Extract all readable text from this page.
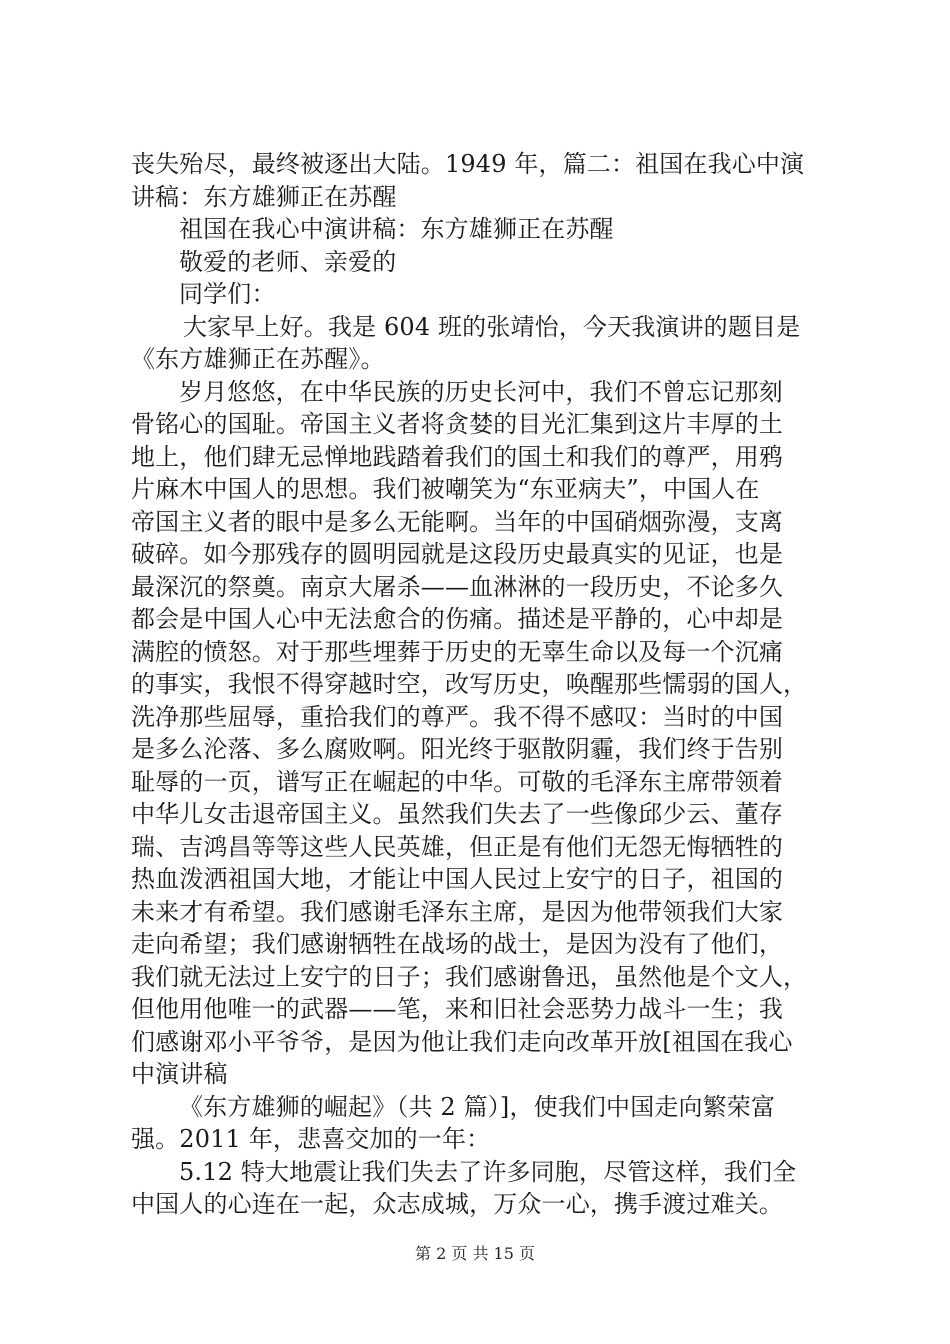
丧失殆尽，最终被逐出大陆。1949 年，篇二：祖国在我心中演
讲稿：东方雄狮正在苏醒
祖国在我心中演讲稿：东方雄狮正在苏醒
敬爱的老师、亲爱的
同学们：
大家早上好。我是 604 班的张靖怡，今天我演讲的题目是
《东方雄狮正在苏醒》。
岁月悠悠，在中华民族的历史长河中，我们不曾忘记那刻
骨铭心的国耻。帝国主义者将贪婪的目光汇集到这片丰厚的土
地上，他们肆无忌惮地践踏着我们的国土和我们的尊严，用鸦
片麻木中国人的思想。我们被嘲笑为“东亚病夫”，中国人在
帝国主义者的眼中是多么无能啊。当年的中国硝烟弥漫，支离
破碎。如今那残存的圆明园就是这段历史最真实的见证，也是
最深沉的祭奠。南京大屠杀——血淋淋的一段历史，不论多久
都会是中国人心中无法愈合的伤痛。描述是平静的，心中却是
满腔的愤怒。对于那些埋葬于历史的无辜生命以及每一个沉痛
的事实，我恨不得穿越时空，改写历史，唤醒那些懦弱的国人，
洗净那些屈辱，重拾我们的尊严。我不得不感叹：当时的中国
是多么沦落、多么腐败啊。阳光终于驱散阴霾，我们终于告别
耻辱的一页，谱写正在崛起的中华。可敬的毛泽东主席带领着
中华儿女击退帝国主义。虽然我们失去了一些像邱少云、董存
瑞、吉鸿昌等等这些人民英雄，但正是有他们无怨无悔牺牲的
热血泼洒祖国大地，才能让中国人民过上安宁的日子，祖国的
未来才有希望。我们感谢毛泽东主席，是因为他带领我们大家
走向希望；我们感谢牺牲在战场的战士，是因为没有了他们，
我们就无法过上安宁的日子；我们感谢鲁迅，虽然他是个文人，
但他用他唯一的武器——笔，来和旧社会恶势力战斗一生；我
们感谢邓小平爷爷，是因为他让我们走向改革开放[祖国在我心
中演讲稿
《东方雄狮的崛起》（共 2 篇）]，使我们中国走向繁荣富
强。2011 年，悲喜交加的一年：
5.12 特大地震让我们失去了许多同胞，尽管这样，我们全
中国人的心连在一起，众志成城，万众一心，携手渡过难关。
第 2 页 共 15 页
